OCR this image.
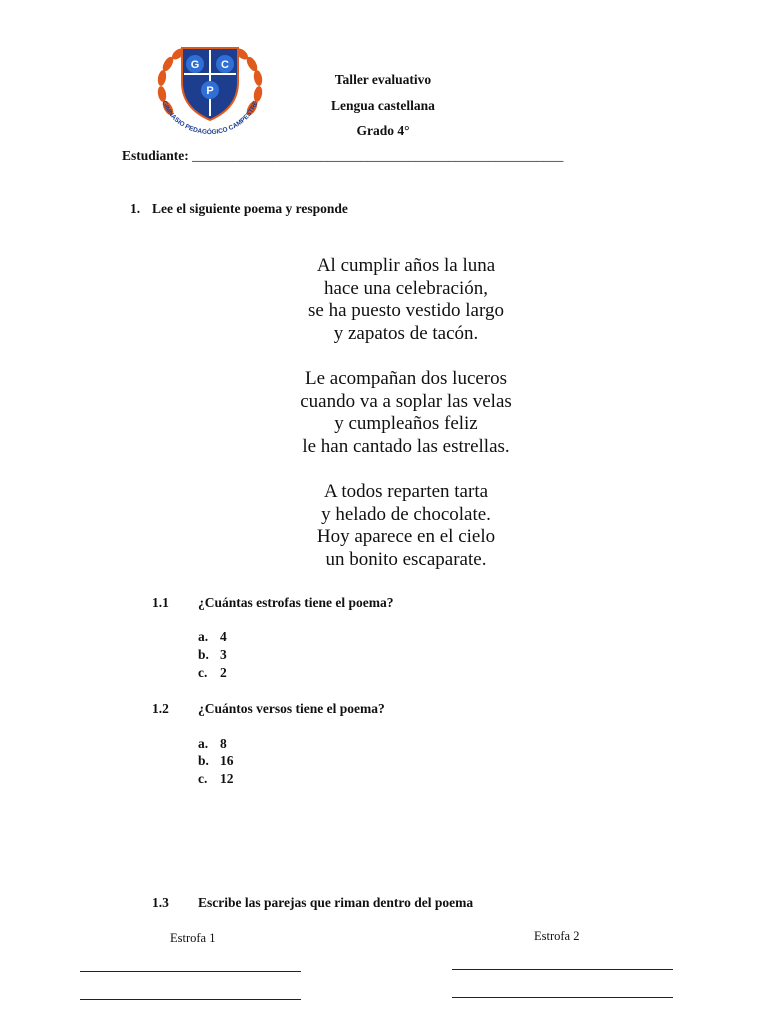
G C
P
GIMNASIO PEDAGÓGICO CAMPESTRE
Taller evaluativo
Lengua castellana
Grado 4°
Estudiante: _______________________________________________________
1. Lee el siguiente poema y responde
Al cumplir años la luna
hace una celebración,
se ha puesto vestido largo
y zapatos de tacón.
Le acompañan dos luceros
cuando va a soplar las velas
y cumpleaños feliz
le han cantado las estrellas.
A todos reparten tarta
y helado de chocolate.
Hoy aparece en el cielo
un bonito escaparate.
1.1 ¿Cuántas estrofas tiene el poema?
a. 4
b. 3
c. 2
1.2 ¿Cuántos versos tiene el poema?
a. 8
b. 16
c. 12
1.3 Escribe las parejas que riman dentro del poema
Estrofa 1	Estrofa 2
